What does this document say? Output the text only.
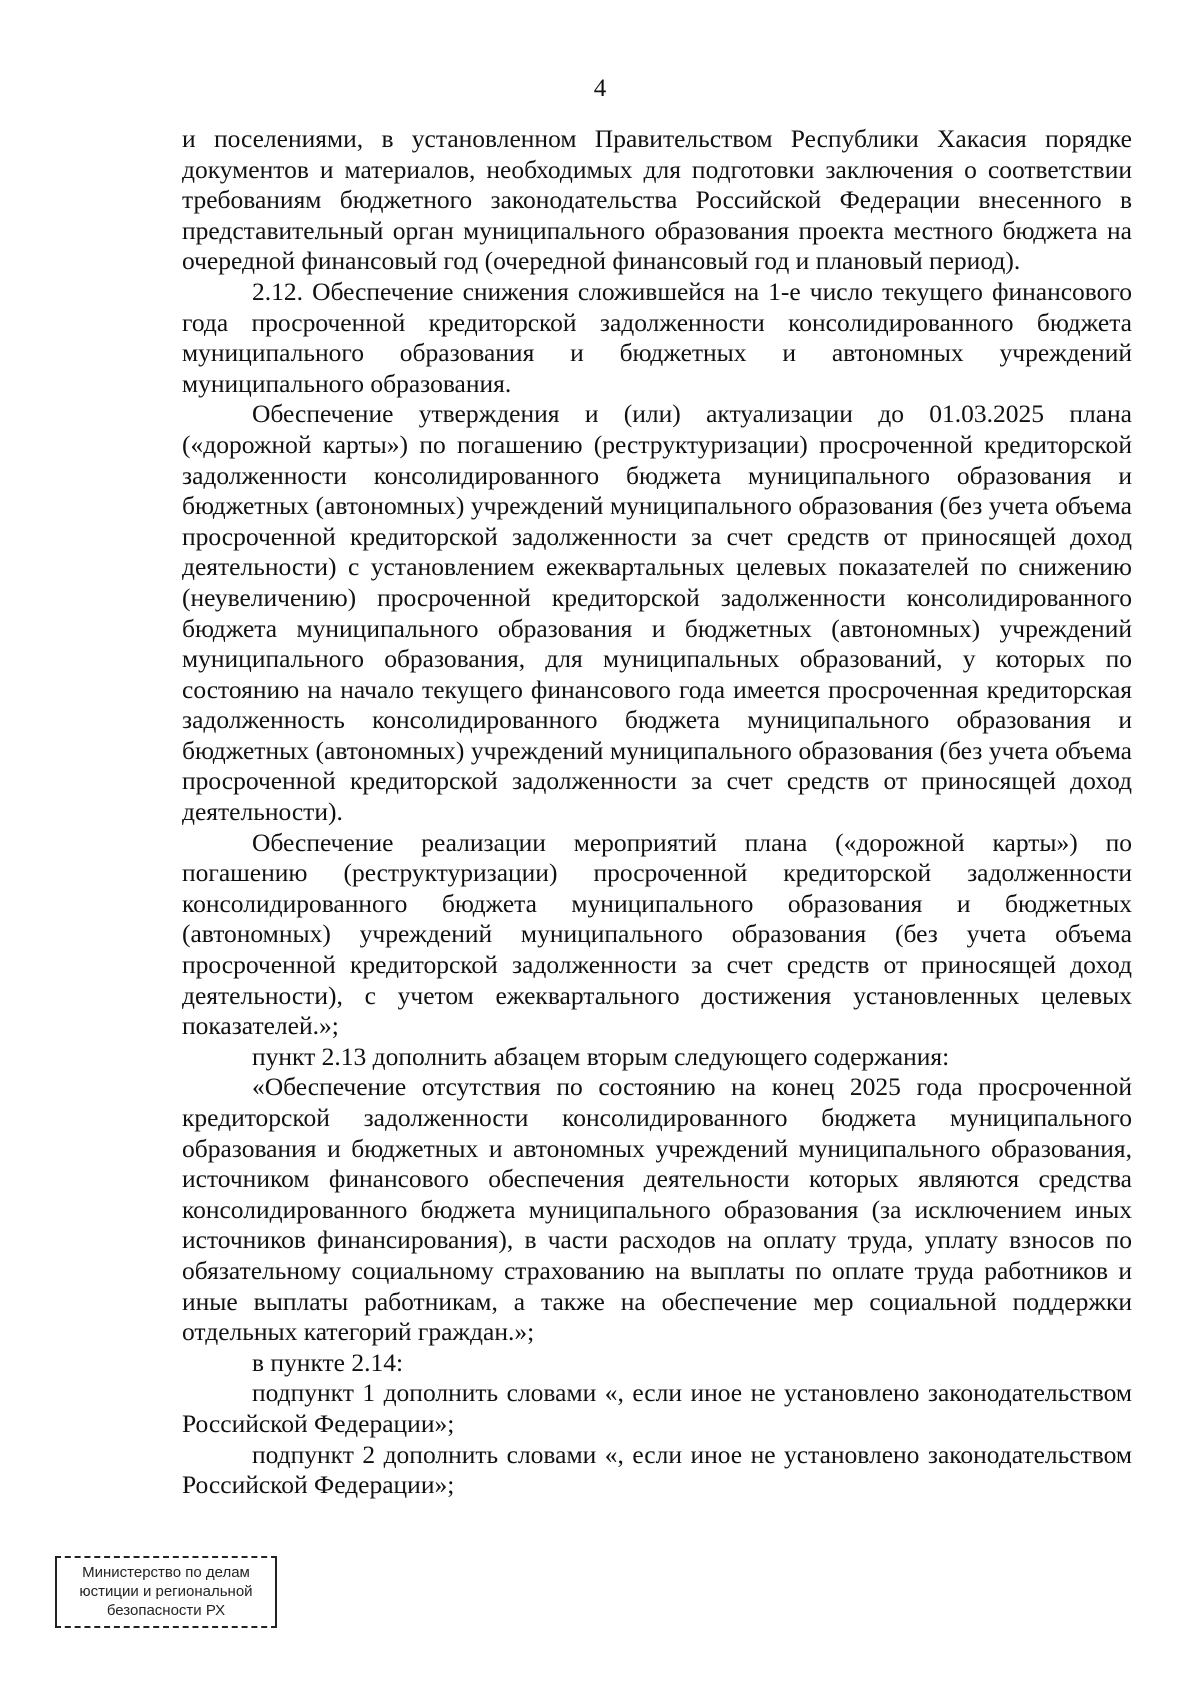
4

и поселениями, в установленном Правительством Республики Хакасия порядке документов и материалов, необходимых для подготовки заключения о соответствии требованиям бюджетного законодательства Российской Федерации внесенного в представительный орган муниципального образования проекта местного бюджета на очередной финансовый год (очередной финансовый год и плановый период).

2.12. Обеспечение снижения сложившейся на 1-е число текущего финансового года просроченной кредиторской задолженности консолидированного бюджета муниципального образования и бюджетных и автономных учреждений муниципального образования.

Обеспечение утверждения и (или) актуализации до 01.03.2025 плана («дорожной карты») по погашению (реструктуризации) просроченной кредиторской задолженности консолидированного бюджета муниципального образования и бюджетных (автономных) учреждений муниципального образования (без учета объема просроченной кредиторской задолженности за счет средств от приносящей доход деятельности) с установлением ежеквартальных целевых показателей по снижению (неувеличению) просроченной кредиторской задолженности консолидированного бюджета муниципального образования и бюджетных (автономных) учреждений муниципального образования, для муниципальных образований, у которых по состоянию на начало текущего финансового года имеется просроченная кредиторская задолженность консолидированного бюджета муниципального образования и бюджетных (автономных) учреждений муниципального образования (без учета объема просроченной кредиторской задолженности за счет средств от приносящей доход деятельности).

Обеспечение реализации мероприятий плана («дорожной карты») по погашению (реструктуризации) просроченной кредиторской задолженности консолидированного бюджета муниципального образования и бюджетных (автономных) учреждений муниципального образования (без учета объема просроченной кредиторской задолженности за счет средств от приносящей доход деятельности), с учетом ежеквартального достижения установленных целевых показателей.»;

пункт 2.13 дополнить абзацем вторым следующего содержания:

«Обеспечение отсутствия по состоянию на конец 2025 года просроченной кредиторской задолженности консолидированного бюджета муниципального образования и бюджетных и автономных учреждений муниципального образования, источником финансового обеспечения деятельности которых являются средства консолидированного бюджета муниципального образования (за исключением иных источников финансирования), в части расходов на оплату труда, уплату взносов по обязательному социальному страхованию на выплаты по оплате труда работников и иные выплаты работникам, а также на обеспечение мер социальной поддержки отдельных категорий граждан.»;

в пункте 2.14:

подпункт 1 дополнить словами «, если иное не установлено законодательством Российской Федерации»;

подпункт 2 дополнить словами «, если иное не установлено законодательством Российской Федерации»;

Министерство по делам
юстиции и региональной
безопасности РХ
